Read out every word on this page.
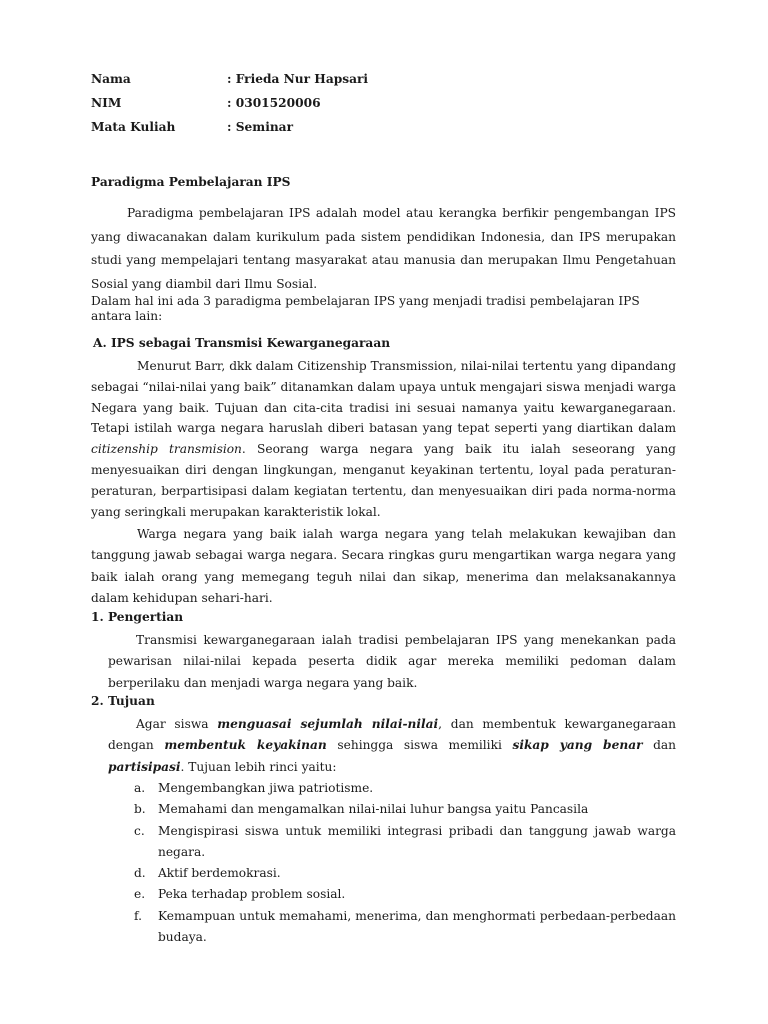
Nama	: Frieda Nur Hapsari
NIM	: 0301520006
Mata Kuliah	: Seminar
Paradigma Pembelajaran IPS

Paradigma pembelajaran IPS adalah model atau kerangka berfikir pengembangan IPS yang diwacanakan dalam kurikulum pada sistem pendidikan Indonesia, dan IPS merupakan studi yang mempelajari tentang masyarakat atau manusia dan merupakan Ilmu Pengetahuan Sosial yang diambil dari Ilmu Sosial.

Dalam hal ini ada 3 paradigma pembelajaran IPS yang menjadi tradisi pembelajaran IPS antara lain:

A. IPS sebagai Transmisi Kewarganegaraan

Menurut Barr, dkk dalam Citizenship Transmission, nilai-nilai tertentu yang dipandang sebagai “nilai-nilai yang baik” ditanamkan dalam upaya untuk mengajari siswa menjadi warga Negara yang baik. Tujuan dan cita-cita tradisi ini sesuai namanya yaitu kewarganegaraan. Tetapi istilah warga negara haruslah diberi batasan yang tepat seperti yang diartikan dalam citizenship transmision. Seorang warga negara yang baik itu ialah seseorang yang menyesuaikan diri dengan lingkungan, menganut keyakinan tertentu, loyal pada peraturan-peraturan, berpartisipasi dalam kegiatan tertentu, dan menyesuaikan diri pada norma-norma yang seringkali merupakan karakteristik lokal.

Warga negara yang baik ialah warga negara yang telah melakukan kewajiban dan tanggung jawab sebagai warga negara. Secara ringkas guru mengartikan warga negara yang baik ialah orang yang memegang teguh nilai dan sikap, menerima dan melaksanakannya dalam kehidupan sehari-hari.

1. Pengertian

Transmisi kewarganegaraan ialah tradisi pembelajaran IPS yang menekankan pada pewarisan nilai-nilai kepada peserta didik agar mereka memiliki pedoman dalam berperilaku dan menjadi warga negara yang baik.

2. Tujuan

Agar siswa menguasai sejumlah nilai-nilai, dan membentuk kewarganegaraan dengan membentuk keyakinan sehingga siswa memiliki sikap yang benar dan partisipasi. Tujuan lebih rinci yaitu:

a.	Mengembangkan jiwa patriotisme.
b.	Memahami dan mengamalkan nilai-nilai luhur bangsa yaitu Pancasila
c.	Mengispirasi siswa untuk memiliki integrasi pribadi dan tanggung jawab warga negara.
d.	Aktif berdemokrasi.
e.	Peka terhadap problem sosial.
f.	Kemampuan untuk memahami, menerima, dan menghormati perbedaan-perbedaan budaya.
